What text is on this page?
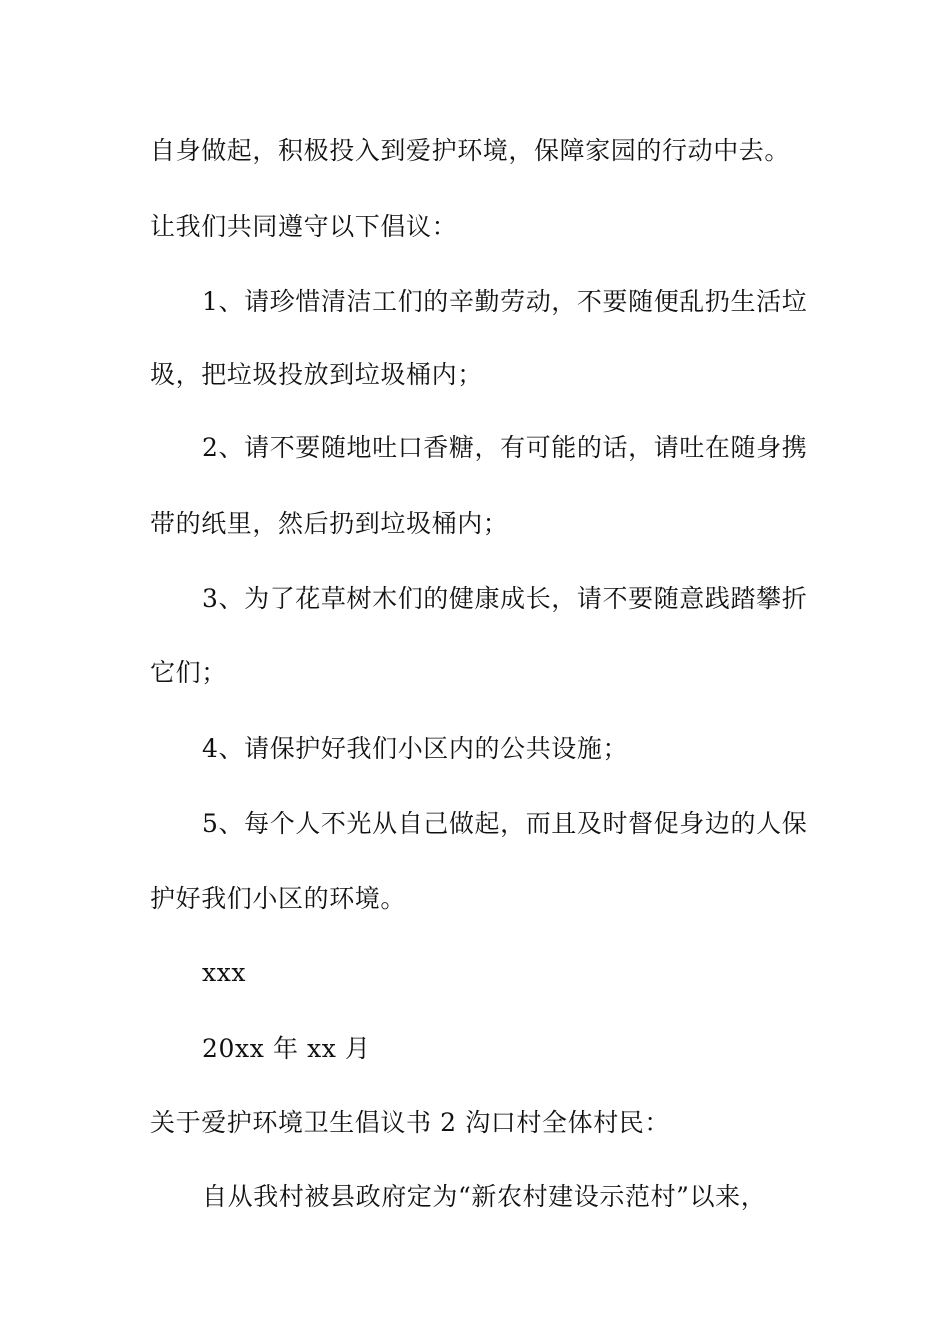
自身做起，积极投入到爱护环境，保障家园的行动中去。
让我们共同遵守以下倡议：
1、请珍惜清洁工们的辛勤劳动，不要随便乱扔生活垃
圾，把垃圾投放到垃圾桶内；
2、请不要随地吐口香糖，有可能的话，请吐在随身携
带的纸里，然后扔到垃圾桶内；
3、为了花草树木们的健康成长，请不要随意践踏攀折
它们；
4、请保护好我们小区内的公共设施；
5、每个人不光从自己做起，而且及时督促身边的人保
护好我们小区的环境。
xxx
20xx 年 xx 月
关于爱护环境卫生倡议书 2 沟口村全体村民：
自从我村被县政府定为“新农村建设示范村”以来，
